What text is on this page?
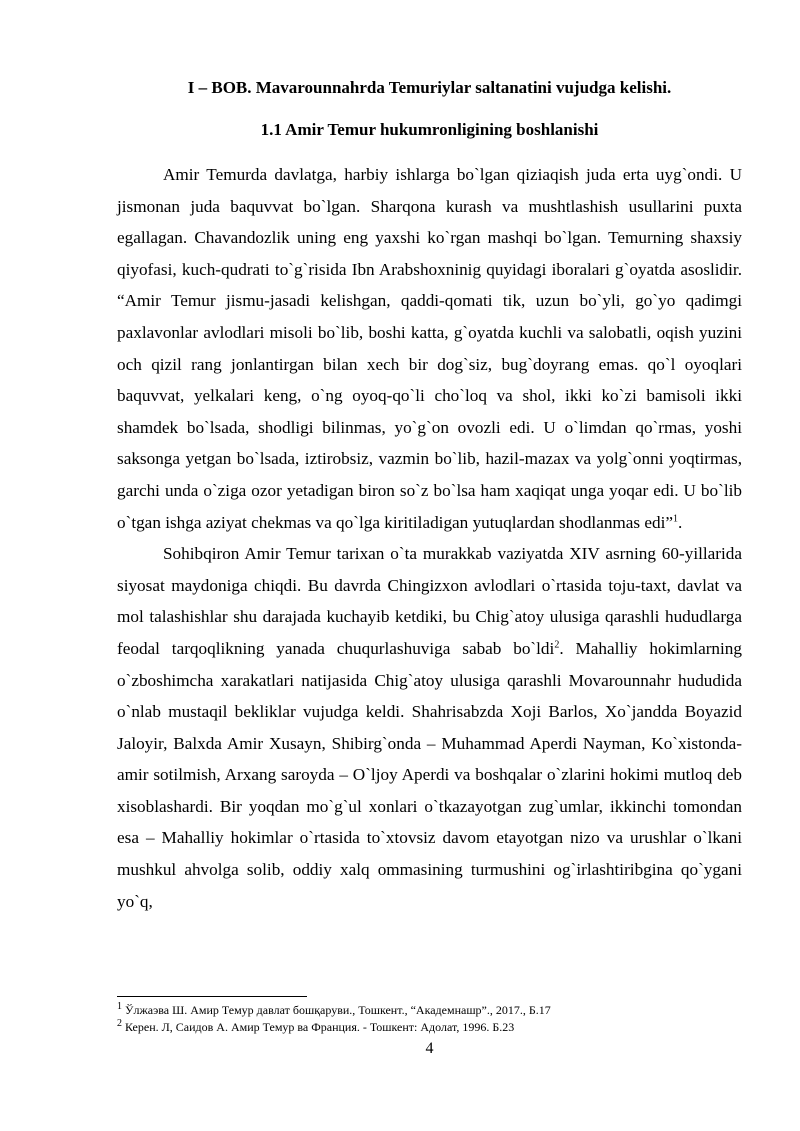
I – BOB. Mavarounnahrda Temuriylar saltanatini vujudga kelishi.
1.1 Amir Temur hukumronligining boshlanishi

Amir Temurda davlatga, harbiy ishlarga bo`lgan qiziaqish juda erta uyg`ondi. U jismonan juda baquvvat bo`lgan. Sharqona kurash va mushtlashish usullarini puxta egallagan. Chavandozlik uning eng yaxshi ko`rgan mashqi bo`lgan. Temurning shaxsiy qiyofasi, kuch-qudrati to`g`risida Ibn Arabshoxninig quyidagi iboralari g`oyatda asoslidir. “Amir Temur jismu-jasadi kelishgan, qaddi-qomati tik, uzun bo`yli, go`yo qadimgi paxlavonlar avlodlari misoli bo`lib, boshi katta, g`oyatda kuchli va salobatli, oqish yuzini och qizil rang jonlantirgan bilan xech bir dog`siz, bug`doyrang emas. qo`l oyoqlari baquvvat, yelkalari keng, o`ng oyoq-qo`li cho`loq va shol, ikki ko`zi bamisoli ikki shamdek bo`lsada, shodligi bilinmas, yo`g`on ovozli edi. U o`limdan qo`rmas, yoshi saksonga yetgan bo`lsada, iztirobsiz, vazmin bo`lib, hazil-mazax va yolg`onni yoqtirmas, garchi unda o`ziga ozor yetadigan biron so`z bo`lsa ham xaqiqat unga yoqar edi. U bo`lib o`tgan ishga aziyat chekmas va qo`lga kiritiladigan yutuqlardan shodlanmas edi”$^1$.

Sohibqiron Amir Temur tarixan o`ta murakkab vaziyatda XIV asrning 60-yillarida siyosat maydoniga chiqdi. Bu davrda Chingizxon avlodlari o`rtasida toju-taxt, davlat va mol talashishlar shu darajada kuchayib ketdiki, bu Chig`atoy ulusiga qarashli hududlarga feodal tarqoqlikning yanada chuqurlashuviga sabab bo`ldi$^2$. Mahalliy hokimlarning o`zboshimcha xarakatlari natijasida Chig`atoy ulusiga qarashli Movarounnahr hududida o`nlab mustaqil bekliklar vujudga keldi. Shahrisabzda Xoji Barlos, Xo`jandda Boyazid Jaloyir, Balxda Amir Xusayn, Shibirg`onda – Muhammad Aperdi Nayman, Ko`xistonda-amir sotilmish, Arxang saroyda – O`ljoy Aperdi va boshqalar o`zlarini hokimi mutloq deb xisoblashardi. Bir yoqdan mo`g`ul xonlari o`tkazayotgan zug`umlar, ikkinchi tomondan esa – Mahalliy hokimlar o`rtasida to`xtovsiz davom etayotgan nizo va urushlar o`lkani mushkul ahvolga solib, oddiy xalq ommasining turmushini og`irlashtiribgina qo`ygani yo`q,

$^1$ Ўлжаэва Ш. Амир Темур давлат бошқаруви., Тошкент., “Академнашр”., 2017., Б.17
$^2$ Керен. Л, Саидов А. Амир Темур ва Франция. - Тошкент: Адолат, 1996. Б.23
4
